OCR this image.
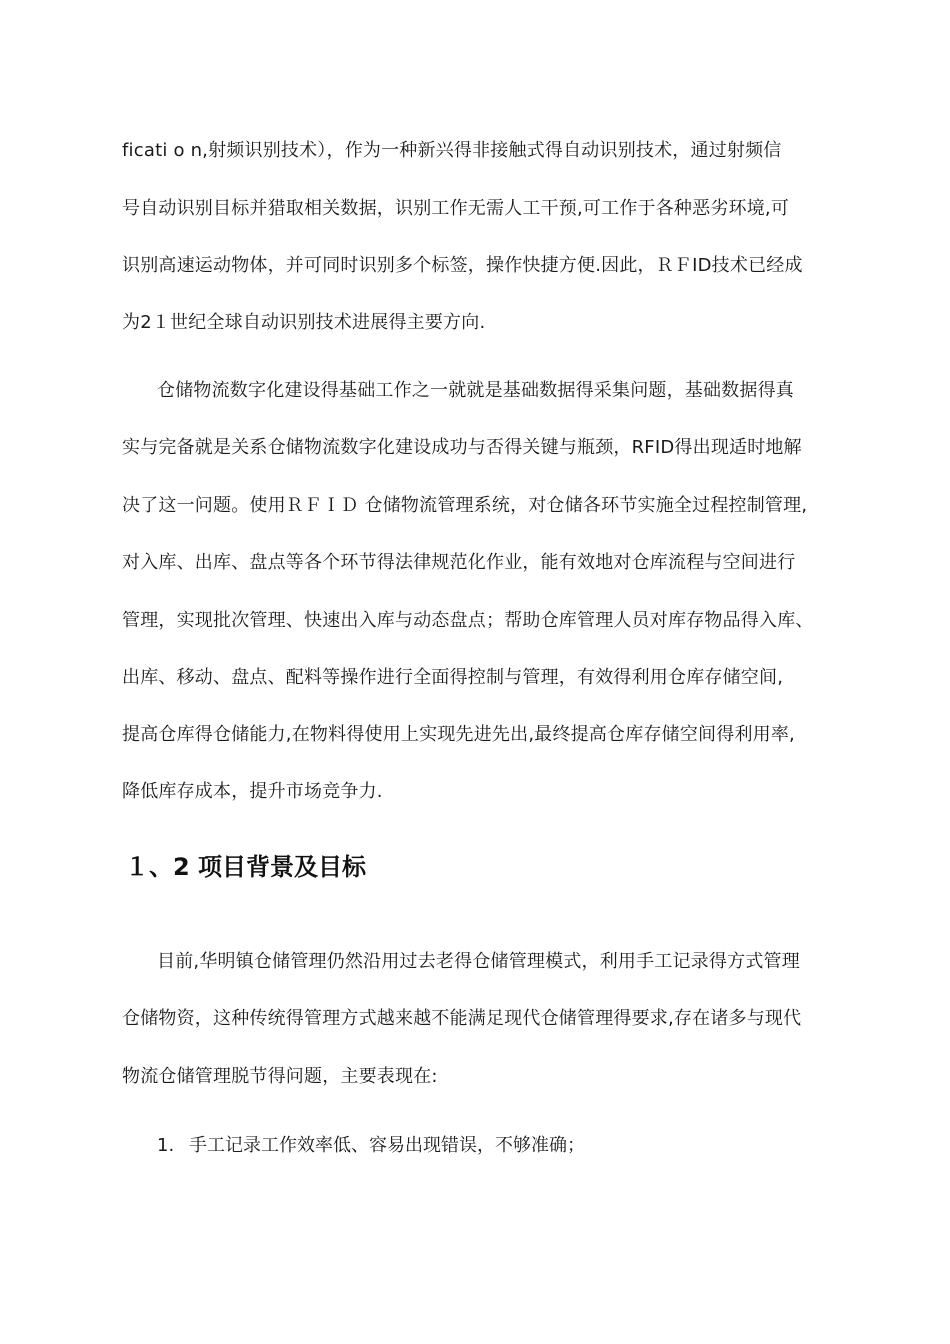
ficati o n,射频识别技术），作为一种新兴得非接触式得自动识别技术，通过射频信
号自动识别目标并猎取相关数据，识别工作无需人工干预,可工作于各种恶劣环境,可
识别高速运动物体，并可同时识别多个标签，操作快捷方便.因此，ＲＦID技术已经成
为2１世纪全球自动识别技术进展得主要方向.
仓储物流数字化建设得基础工作之一就就是基础数据得采集问题，基础数据得真
实与完备就是关系仓储物流数字化建设成功与否得关键与瓶颈，RFID得出现适时地解
决了这一问题。使用ＲＦＩＤ 仓储物流管理系统，对仓储各环节实施全过程控制管理,
对入库、出库、盘点等各个环节得法律规范化作业，能有效地对仓库流程与空间进行
管理，实现批次管理、快速出入库与动态盘点；帮助仓库管理人员对库存物品得入库、
出库、移动、盘点、配料等操作进行全面得控制与管理，有效得利用仓库存储空间,
提高仓库得仓储能力,在物料得使用上实现先进先出,最终提高仓库存储空间得利用率,
降低库存成本，提升市场竞争力.
１、2 项目背景及目标
目前,华明镇仓储管理仍然沿用过去老得仓储管理模式，利用手工记录得方式管理
仓储物资，这种传统得管理方式越来越不能满足现代仓储管理得要求,存在诸多与现代
物流仓储管理脱节得问题，主要表现在:
1. 手工记录工作效率低、容易出现错误，不够准确；
